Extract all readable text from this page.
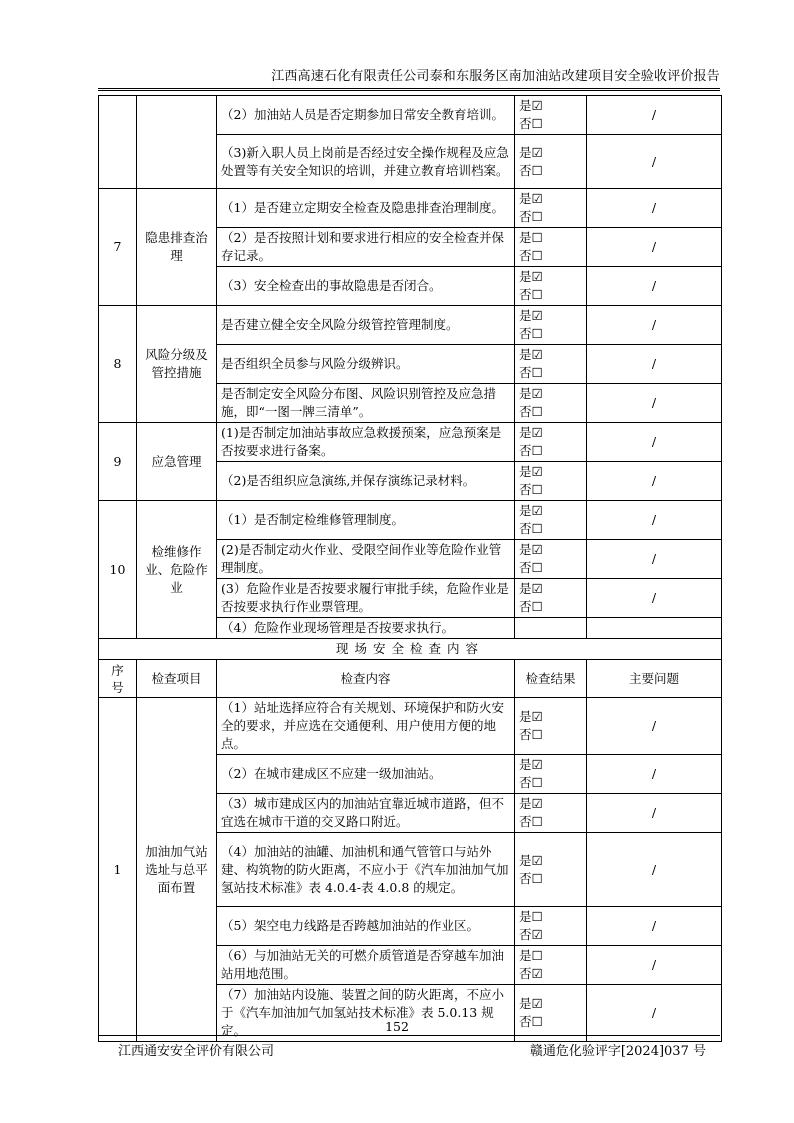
江西高速石化有限责任公司泰和东服务区南加油站改建项目安全验收评价报告
		（2）加油站人员是否定期参加日常安全教育培训。	是☑
否☐	/
		（3)新入职人员上岗前是否经过安全操作规程及应急处置等有关安全知识的培训，并建立教育培训档案。	是☑
否☐	/
7	隐患排查治理	（1）是否建立定期安全检查及隐患排查治理制度。	是☑
否☐	/
		（2）是否按照计划和要求进行相应的安全检查并保存记录。	是☐
否☐	/
		（3）安全检查出的事故隐患是否闭合。	是☑
否☐	/
8	风险分级及管控措施	是否建立健全安全风险分级管控管理制度。	是☑
否☐	/
		是否组织全员参与风险分级辨识。	是☑
否☐	/
		是否制定安全风险分布图、风险识别管控及应急措施，即“一图一牌三清单”。	是☑
否☐	/
9	应急管理	(1)是否制定加油站事故应急救援预案，应急预案是否按要求进行备案。	是☑
否☐	/
		（2)是否组织应急演练,并保存演练记录材料。	是☑
否☐	/
10	检维修作业、危险作业	（1）是否制定检维修管理制度。	是☑
否☐	/
		(2)是否制定动火作业、受限空间作业等危险作业管理制度。	是☑
否☐	/
		(3）危险作业是否按要求履行审批手续，危险作业是否按要求执行作业票管理。	是☑
否☐	/
		（4）危险作业现场管理是否按要求执行。		
现场安全检查内容				
序号	检查项目	检查内容	检查结果	主要问题
1	加油加气站选址与总平面布置	（1）站址选择应符合有关规划、环境保护和防火安全的要求，并应选在交通便利、用户使用方便的地点。	是☑
否☐	/
		（2）在城市建成区不应建一级加油站。	是☑
否☐	/
		（3）城市建成区内的加油站宜靠近城市道路，但不宜选在城市干道的交叉路口附近。	是☑
否☐	/
		（4）加油站的油罐、加油机和通气管管口与站外建、构筑物的防火距离，不应小于《汽车加油加气加氢站技术标准》表 4.0.4-表 4.0.8 的规定。	是☑
否☐	/
		（5）架空电力线路是否跨越加油站的作业区。	是☐
否☑	/
		（6）与加油站无关的可燃介质管道是否穿越车加油站用地范围。	是☐
否☑	/
		（7）加油站内设施、装置之间的防火距离，不应小于《汽车加油加气加氢站技术标准》表 5.0.13 规定。	是☑
否☐	/
152
江西通安安全评价有限公司	赣通危化验评字[2024]037 号
